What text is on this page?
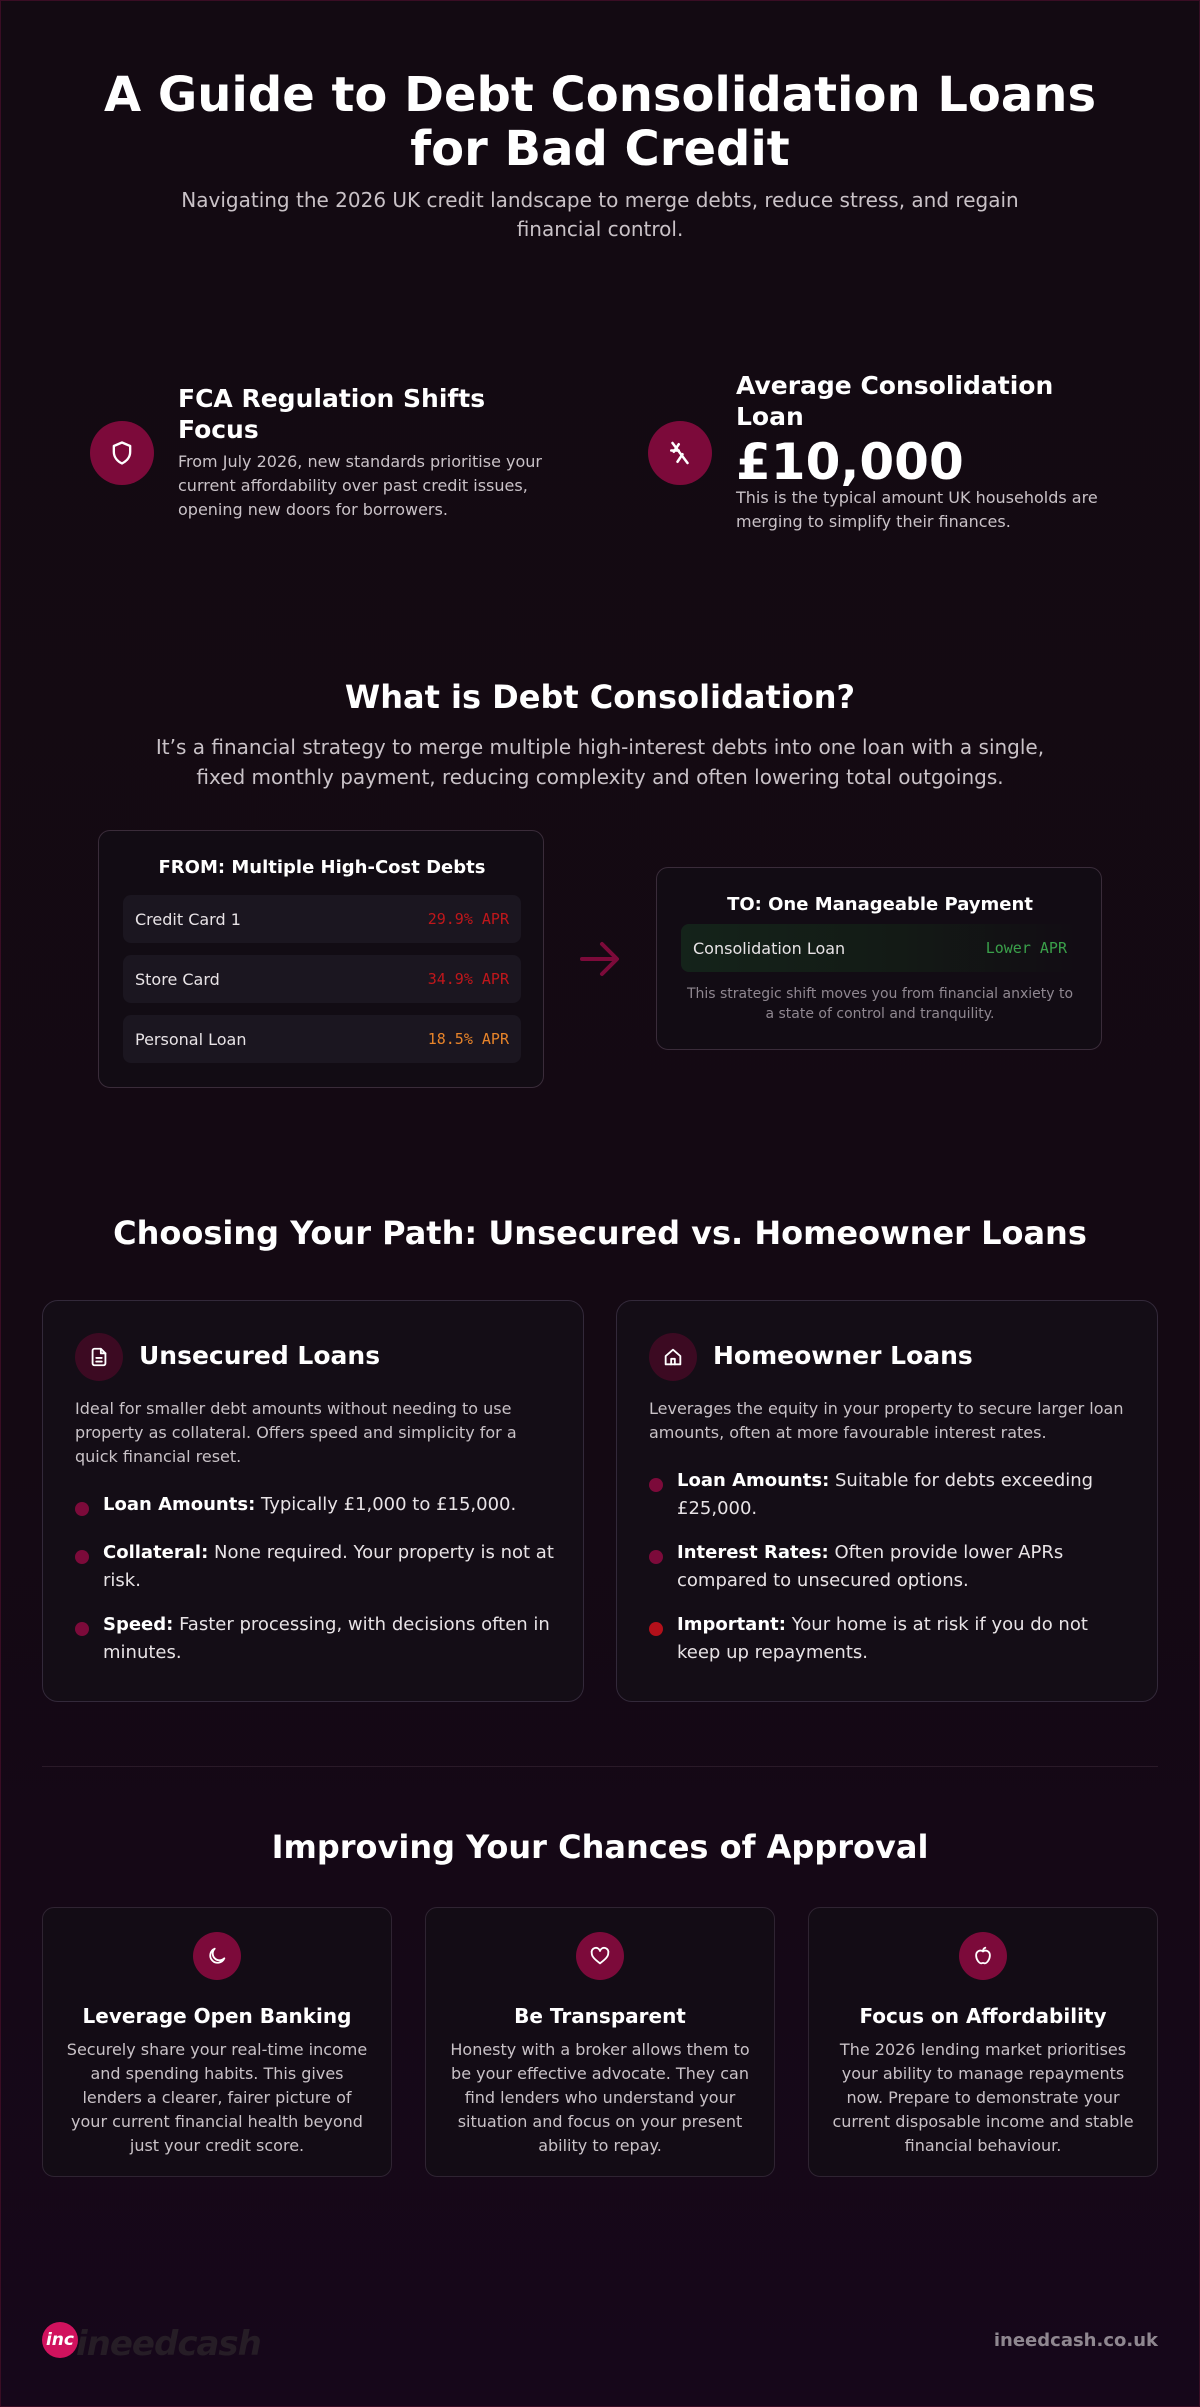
A Guide to Debt Consolidation Loans for Bad Credit

Navigating the 2026 UK credit landscape to merge debts, reduce stress, and regain financial control.

FCA Regulation Shifts Focus
From July 2026, new standards prioritise your current affordability over past credit issues, opening new doors for borrowers.
Average Consolidation Loan
£10,000
This is the typical amount UK households are merging to simplify their finances.
What is Debt Consolidation?

It’s a financial strategy to merge multiple high-interest debts into one loan with a single, fixed monthly payment, reducing complexity and often lowering total outgoings.

FROM: Multiple High-Cost Debts
Credit Card 1	29.9% APR
Store Card	34.9% APR
Personal Loan	18.5% APR
TO: One Manageable Payment
Consolidation Loan	Lower APR
This strategic shift moves you from financial anxiety to a state of control and tranquility.
Choosing Your Path: Unsecured vs. Homeowner Loans
Unsecured Loans
Ideal for smaller debt amounts without needing to use property as collateral. Offers speed and simplicity for a quick financial reset.
Loan Amounts: Typically £1,000 to £15,000.
Collateral: None required. Your property is not at risk.
Speed: Faster processing, with decisions often in minutes.
Homeowner Loans
Leverages the equity in your property to secure larger loan amounts, often at more favourable interest rates.
Loan Amounts: Suitable for debts exceeding £25,000.
Interest Rates: Often provide lower APRs compared to unsecured options.
Important: Your home is at risk if you do not keep up repayments.
Improving Your Chances of Approval
Leverage Open Banking
Securely share your real-time income and spending habits. This gives lenders a clearer, fairer picture of your current financial health beyond just your credit score.
Be Transparent
Honesty with a broker allows them to be your effective advocate. They can find lenders who understand your situation and focus on your present ability to repay.
Focus on Affordability
The 2026 lending market prioritises your ability to manage repayments now. Prepare to demonstrate your current disposable income and stable financial behaviour.
inc ineedcash	ineedcash.co.uk
